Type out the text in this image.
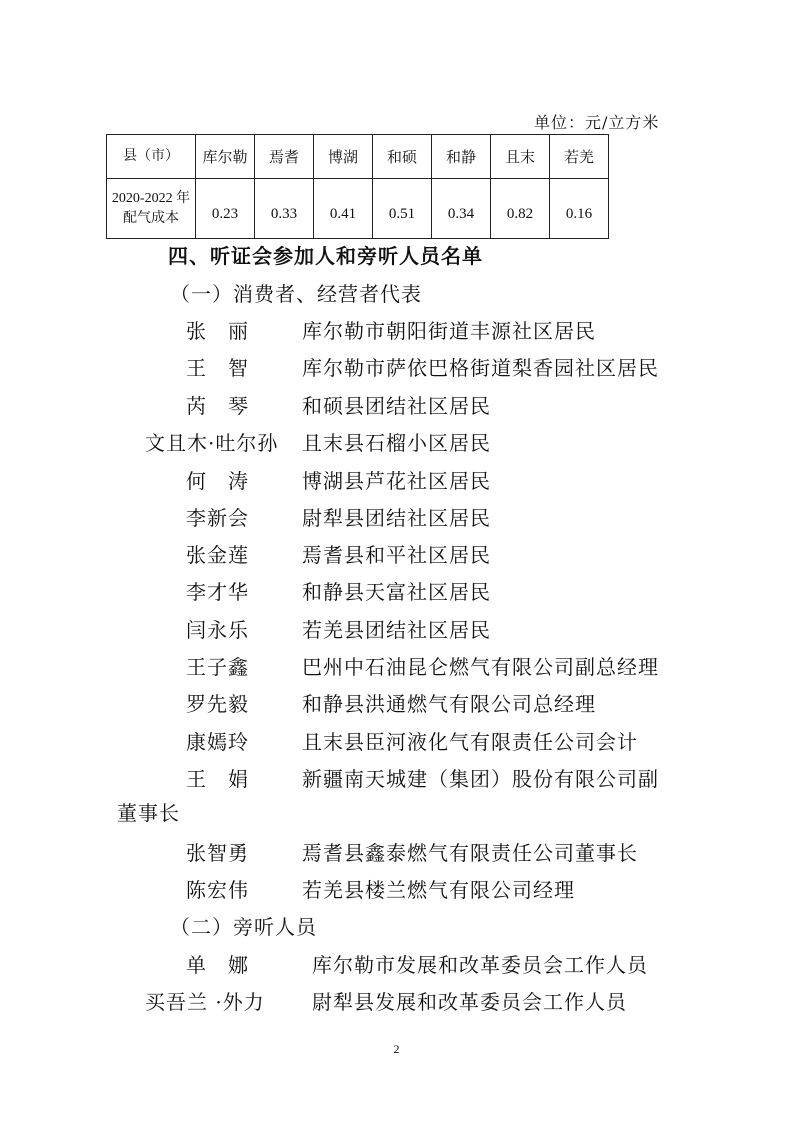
单位：元/立方米
县（市）	库尔勒	焉耆	博湖	和硕	和静	且末	若羌

2020-2022 年
配气成本	0.23	0.33	0.41	0.51	0.34	0.82	0.16
四、听证会参加人和旁听人员名单
（一）消费者、经营者代表
张　丽	库尔勒市朝阳街道丰源社区居民
王　智	库尔勒市萨依巴格街道梨香园社区居民
芮　琴	和硕县团结社区居民
文且木·吐尔孙 且末县石榴小区居民
何　涛	博湖县芦花社区居民
李新会	尉犁县团结社区居民
张金莲	焉耆县和平社区居民
李才华	和静县天富社区居民
闫永乐	若羌县团结社区居民
王子鑫	巴州中石油昆仑燃气有限公司副总经理
罗先毅	和静县洪通燃气有限公司总经理
康嫣玲	且末县臣河液化气有限责任公司会计
王　娟	新疆南天城建（集团）股份有限公司副
董事长
张智勇	焉耆县鑫泰燃气有限责任公司董事长
陈宏伟	若羌县楼兰燃气有限公司经理
（二）旁听人员
单　娜	库尔勒市发展和改革委员会工作人员
买吾兰 ·外力 尉犁县发展和改革委员会工作人员
2
